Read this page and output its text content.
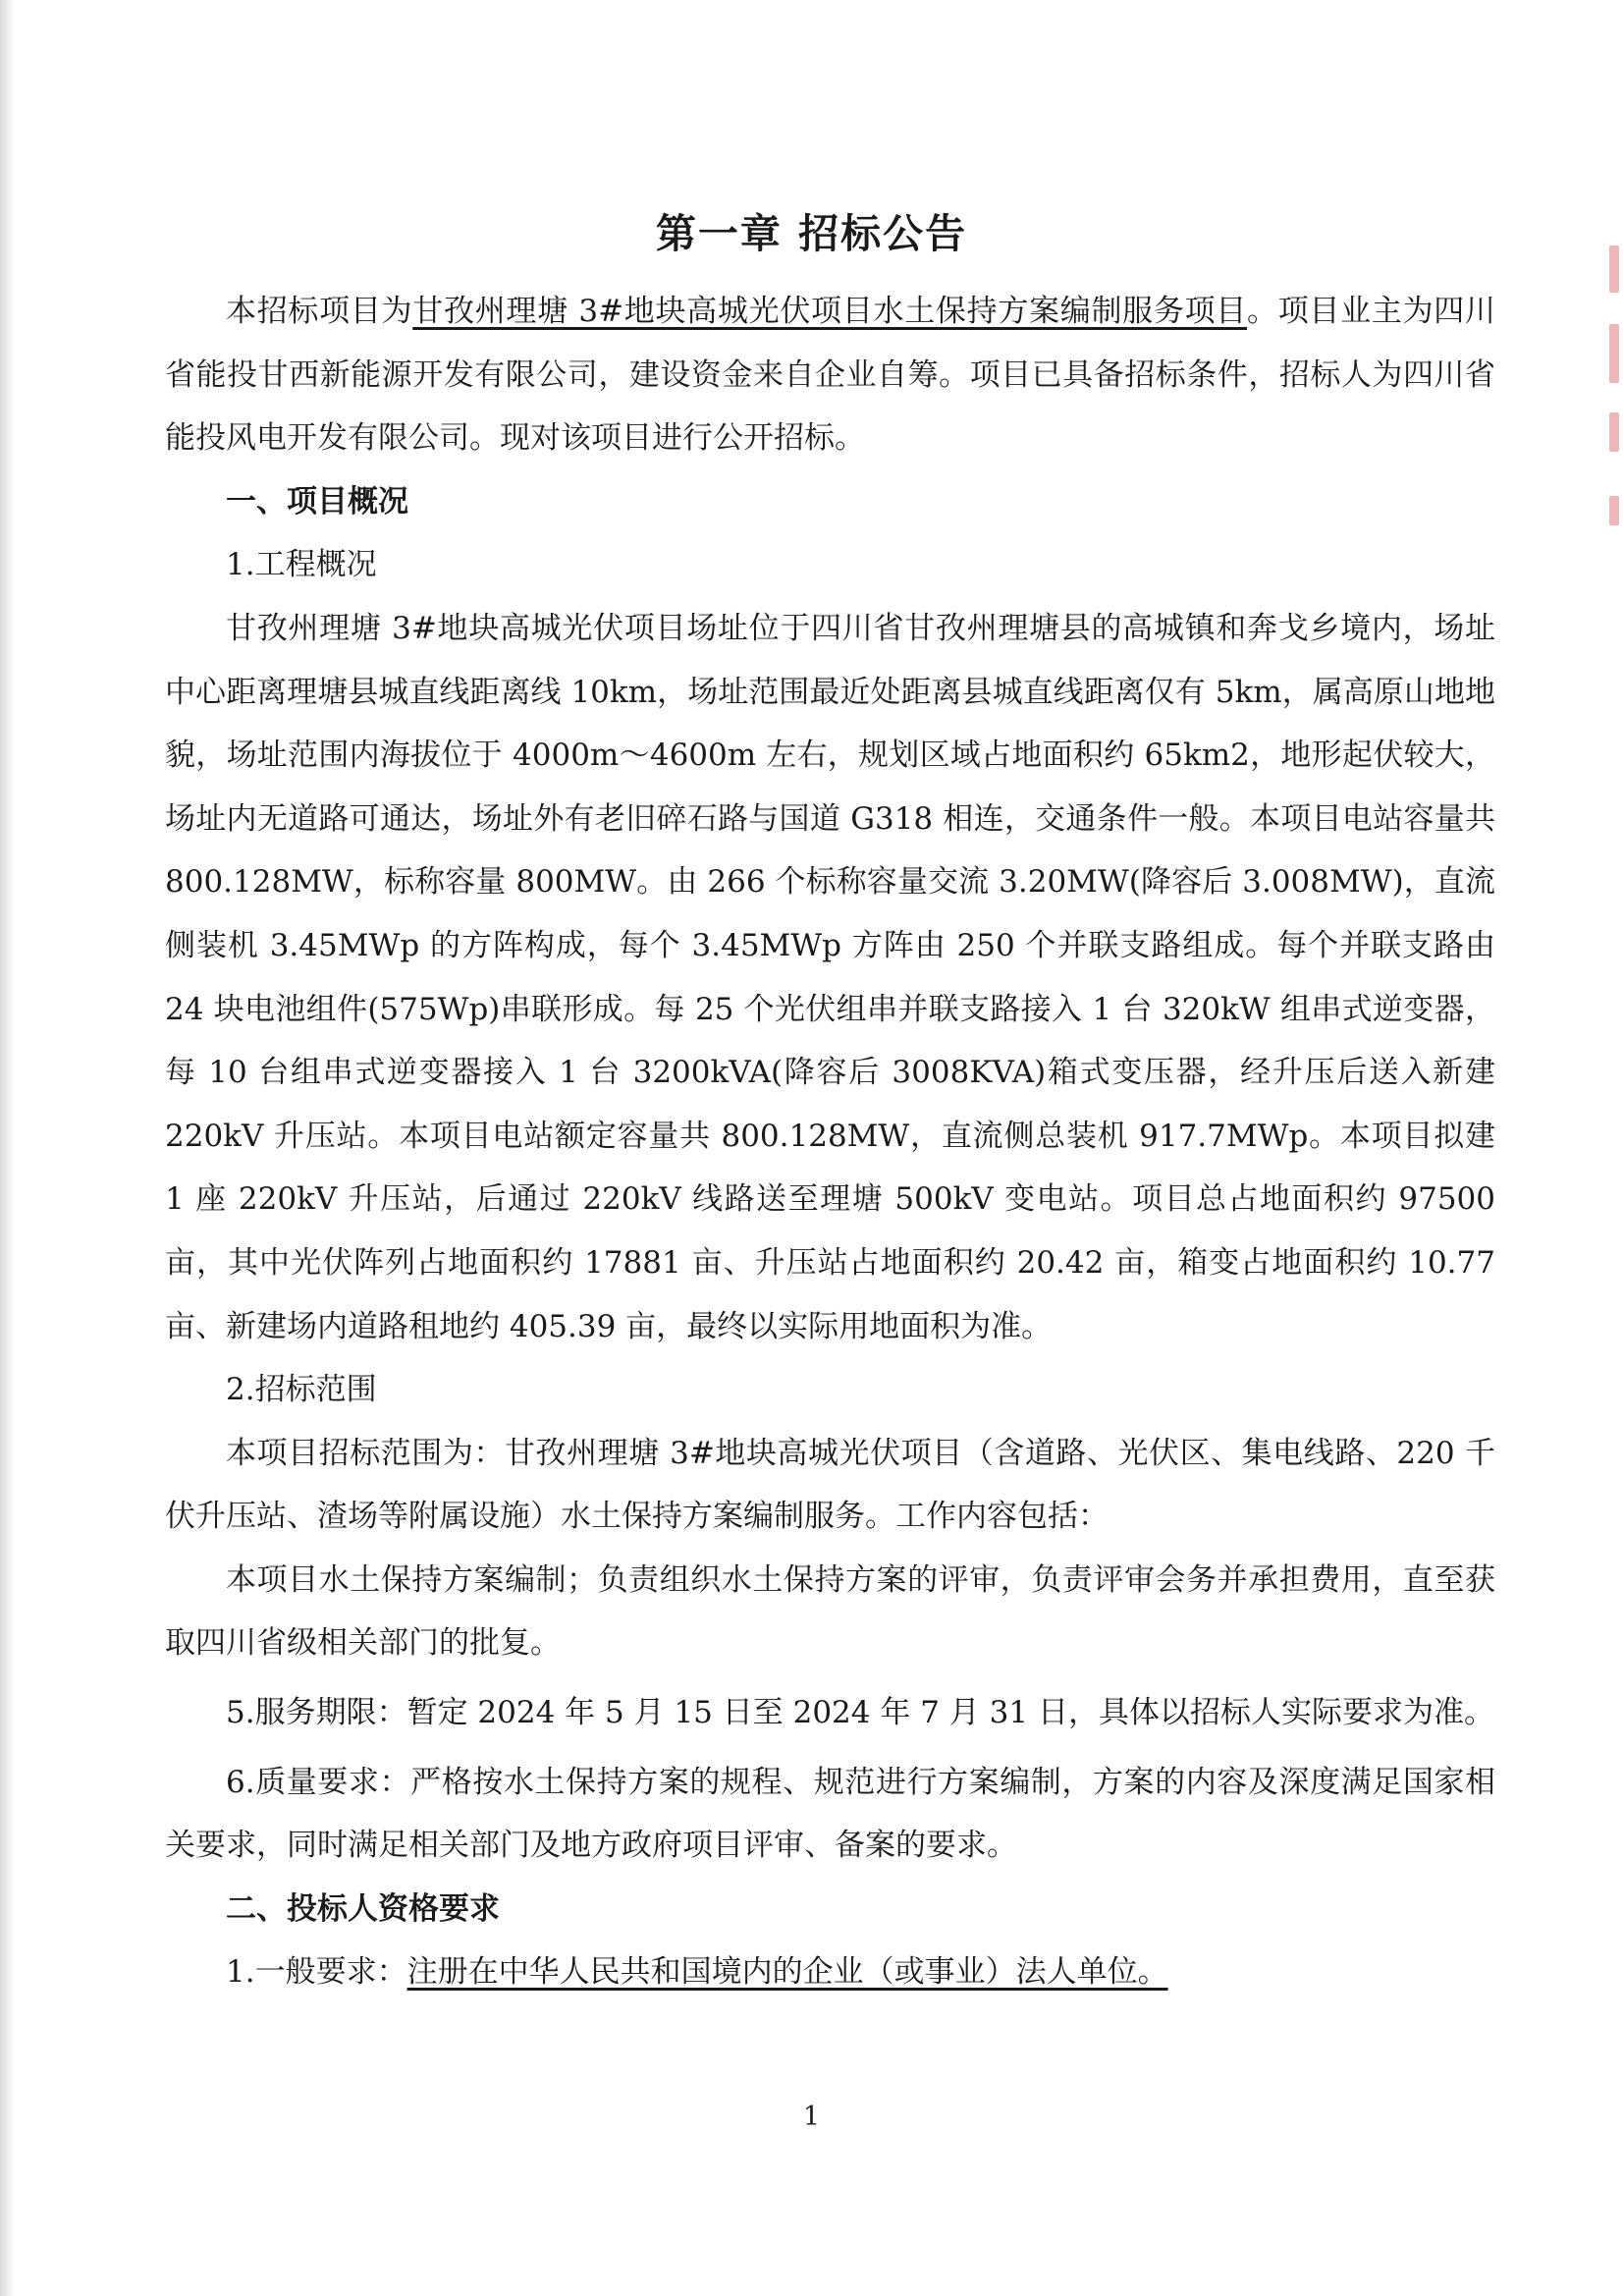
第一章 招标公告

本招标项目为甘孜州理塘 3#地块高城光伏项目水土保持方案编制服务项目。项目业主为四川省能投甘西新能源开发有限公司，建设资金来自企业自筹。项目已具备招标条件，招标人为四川省能投风电开发有限公司。现对该项目进行公开招标。

一、项目概况

1.工程概况

甘孜州理塘 3#地块高城光伏项目场址位于四川省甘孜州理塘县的高城镇和奔戈乡境内，场址中心距离理塘县城直线距离线 10km，场址范围最近处距离县城直线距离仅有 5km，属高原山地地貌，场址范围内海拔位于 4000m～4600m 左右，规划区域占地面积约 65km2，地形起伏较大，场址内无道路可通达，场址外有老旧碎石路与国道 G318 相连，交通条件一般。本项目电站容量共 800.128MW，标称容量 800MW。由 266 个标称容量交流 3.20MW(降容后 3.008MW)，直流侧装机 3.45MWp 的方阵构成，每个 3.45MWp 方阵由 250 个并联支路组成。每个并联支路由 24 块电池组件(575Wp)串联形成。每 25 个光伏组串并联支路接入 1 台 320kW 组串式逆变器，每 10 台组串式逆变器接入 1 台 3200kVA(降容后 3008KVA)箱式变压器，经升压后送入新建 220kV 升压站。本项目电站额定容量共 800.128MW，直流侧总装机 917.7MWp。本项目拟建 1 座 220kV 升压站，后通过 220kV 线路送至理塘 500kV 变电站。项目总占地面积约 97500 亩，其中光伏阵列占地面积约 17881 亩、升压站占地面积约 20.42 亩，箱变占地面积约 10.77 亩、新建场内道路租地约 405.39 亩，最终以实际用地面积为准。

2.招标范围

本项目招标范围为：甘孜州理塘 3#地块高城光伏项目（含道路、光伏区、集电线路、220 千伏升压站、渣场等附属设施）水土保持方案编制服务。工作内容包括：

本项目水土保持方案编制；负责组织水土保持方案的评审，负责评审会务并承担费用，直至获取四川省级相关部门的批复。

5.服务期限：暂定 2024 年 5 月 15 日至 2024 年 7 月 31 日，具体以招标人实际要求为准。

6.质量要求：严格按水土保持方案的规程、规范进行方案编制，方案的内容及深度满足国家相关要求，同时满足相关部门及地方政府项目评审、备案的要求。

二、投标人资格要求

1.一般要求：注册在中华人民共和国境内的企业（或事业）法人单位。

1
